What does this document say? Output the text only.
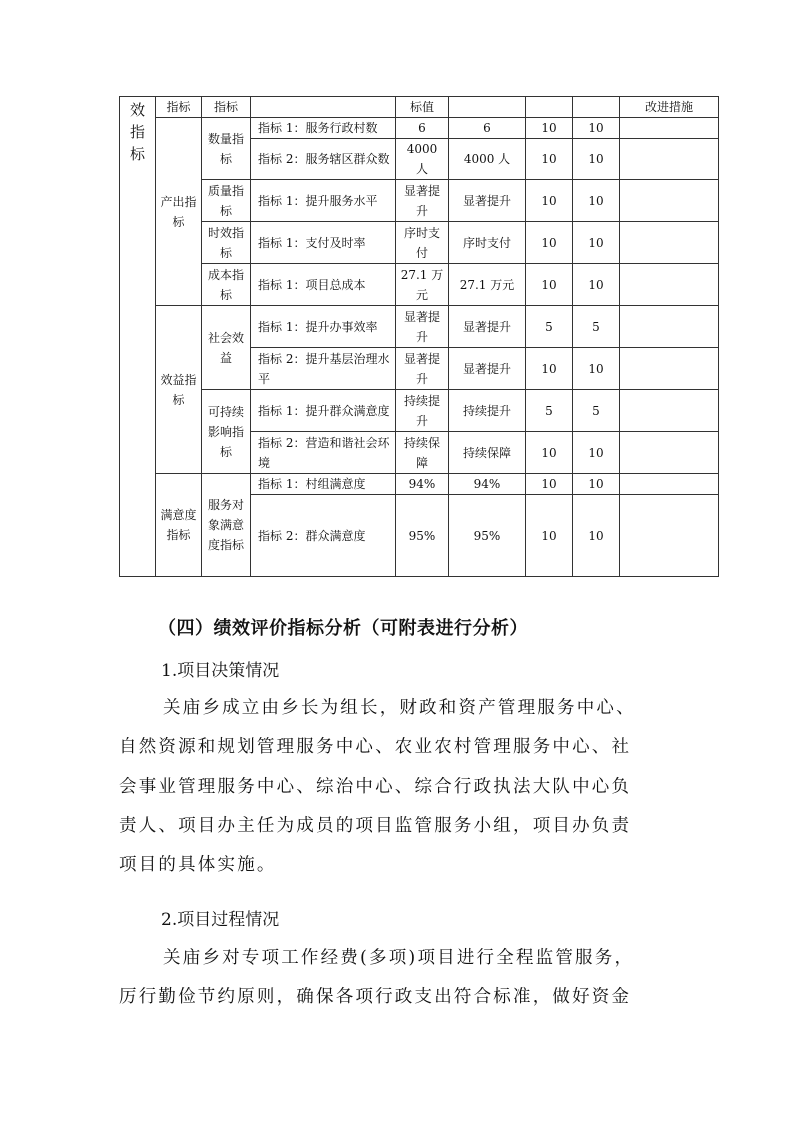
效指标	指标	指标		标值				改进措施
	产出指标	数量指标	指标 1：服务行政村数	6	6	10	10	
			指标 2：服务辖区群众数	4000 人	4000 人	10	10	
		质量指标	指标 1：提升服务水平	显著提升	显著提升	10	10	
		时效指标	指标 1：支付及时率	序时支付	序时支付	10	10	
		成本指标	指标 1：项目总成本	27.1 万元	27.1 万元	10	10	
	效益指标	社会效益	指标 1：提升办事效率	显著提升	显著提升	5	5	
			指标 2：提升基层治理水平	显著提升	显著提升	10	10	
		可持续影响指标	指标 1：提升群众满意度	持续提升	持续提升	5	5	
			指标 2：营造和谐社会环境	持续保障	持续保障	10	10	
	满意度指标	服务对象满意度指标	指标 1：村组满意度	94%	94%	10	10	
			指标 2：群众满意度	95%	95%	10	10	
（四）绩效评价指标分析（可附表进行分析）
1.项目决策情况
关庙乡成立由乡长为组长，财政和资产管理服务中心、
自然资源和规划管理服务中心、农业农村管理服务中心、社
会事业管理服务中心、综治中心、综合行政执法大队中心负
责人、项目办主任为成员的项目监管服务小组，项目办负责
项目的具体实施。
2.项目过程情况
关庙乡对专项工作经费(多项)项目进行全程监管服务，
厉行勤俭节约原则，确保各项行政支出符合标准，做好资金
